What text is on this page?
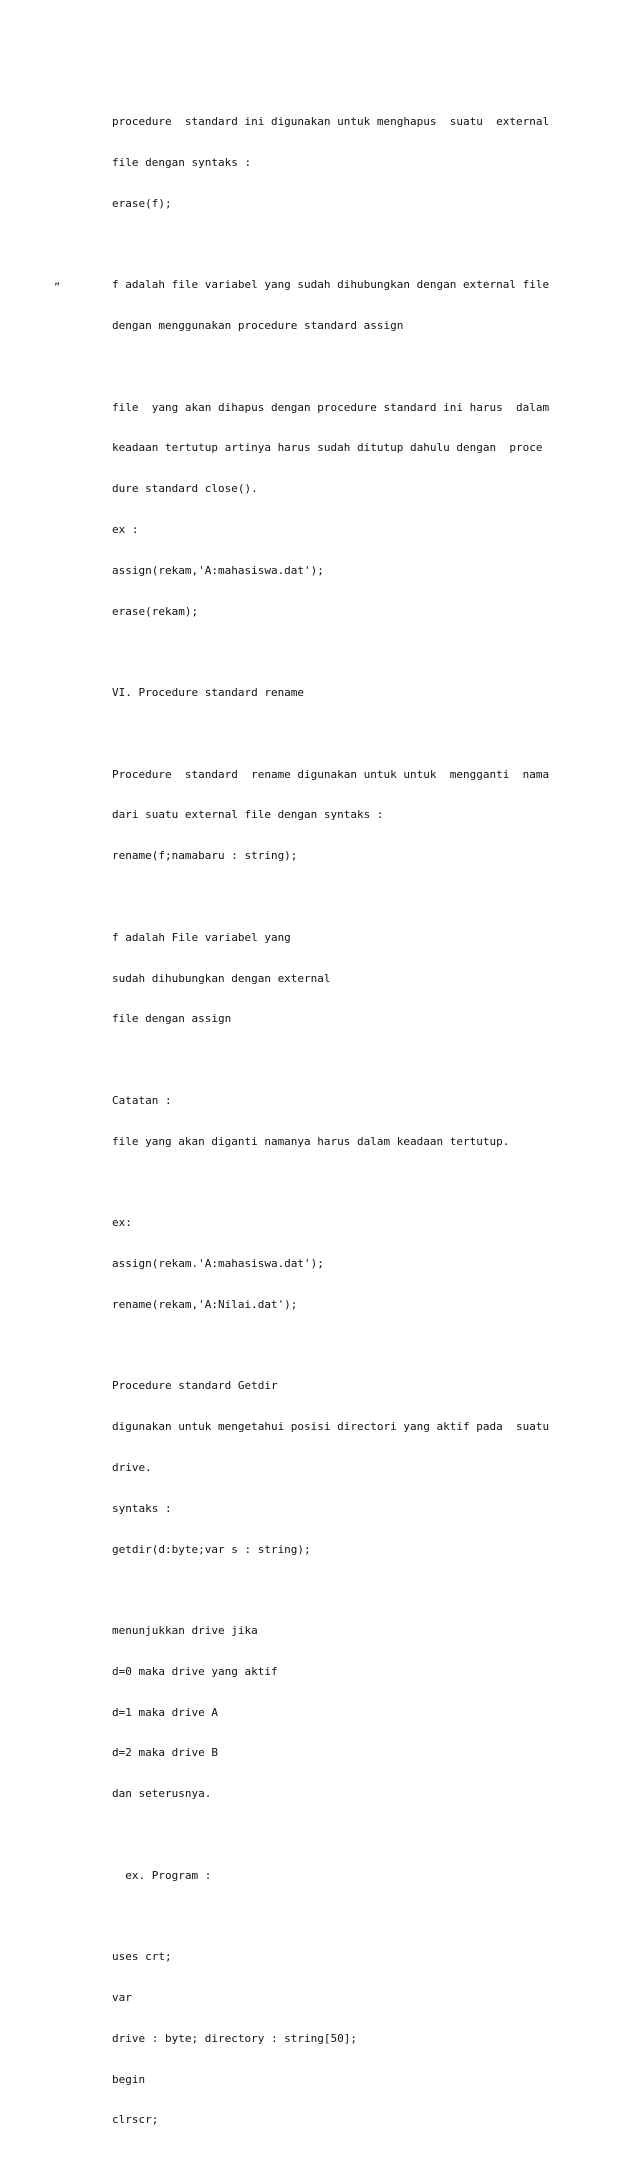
„

procedure  standard ini digunakan untuk menghapus  suatu  external

file dengan syntaks :

erase(f);

f adalah file variabel yang sudah dihubungkan dengan external file

dengan menggunakan procedure standard assign

file  yang akan dihapus dengan procedure standard ini harus  dalam

keadaan tertutup artinya harus sudah ditutup dahulu dengan  proce

dure standard close().

ex :

assign(rekam,'A:mahasiswa.dat');

erase(rekam);

VI. Procedure standard rename

Procedure  standard  rename digunakan untuk untuk  mengganti  nama

dari suatu external file dengan syntaks :

rename(f;namabaru : string);

f adalah File variabel yang

sudah dihubungkan dengan external

file dengan assign

Catatan :

file yang akan diganti namanya harus dalam keadaan tertutup.

ex:

assign(rekam.'A:mahasiswa.dat');

rename(rekam,'A:Nilai.dat');

Procedure standard Getdir

digunakan untuk mengetahui posisi directori yang aktif pada  suatu

drive.

syntaks :

getdir(d:byte;var s : string);

menunjukkan drive jika

d=0 maka drive yang aktif

d=1 maka drive A

d=2 maka drive B

dan seterusnya.

ex. Program :

uses crt;

var

drive : byte; directory : string[50];

begin

clrscr;
